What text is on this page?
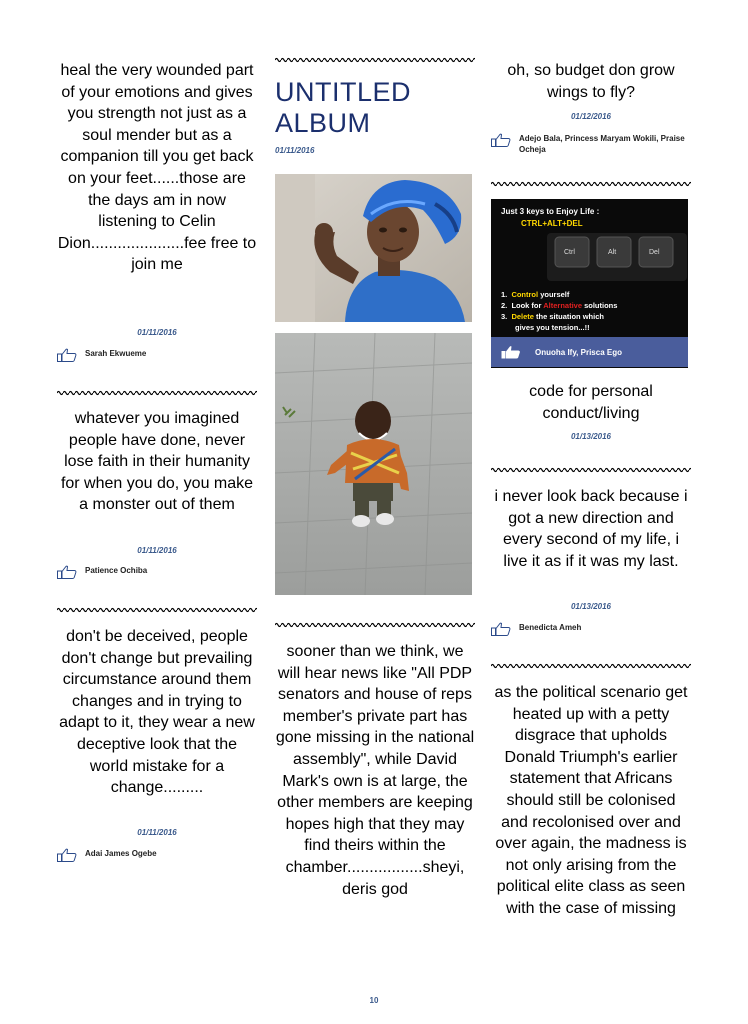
heal the very wounded part of your emotions and gives you strength not just as a soul mender but as a companion till you get back on your feet......those are the days am in now listening to Celin Dion.....................fee free to join me

01/11/2016

Sarah Ekwueme

whatever you imagined people have done, never lose faith in their humanity for when you do, you make a monster out of them

01/11/2016

Patience Ochiba

don't be deceived, people don't change but prevailing circumstance around them changes and in trying to adapt to it, they wear a new deceptive look that the world mistake for a change.........

01/11/2016

Adai James Ogebe
UNTITLED ALBUM

01/11/2016

sooner than we think, we will hear news like "All PDP senators and house of reps member's private part has gone missing in the national assembly", while David Mark's own is at large, the other members are keeping hopes high that they may find theirs within the chamber.................sheyi, deris god

oh, so budget don grow wings to fly?

01/12/2016

Adejo Bala, Princess Maryam Wokili, Praise Ocheja
Just 3 keys to Enjoy Life :
CTRL+ALT+DEL
Ctrl	Alt	Del
1. Control yourself
2. Look for Alternative solutions
3. Delete the situation which
gives you tension...!!
Onuoha Ify, Prisca Ego

code for personal conduct/living

01/13/2016

i never look back because i got a new direction and every second of my life, i live it as if it was my last.

01/13/2016

Benedicta Ameh

as the political scenario get heated up with a petty disgrace that upholds Donald Triumph's earlier statement that Africans should still be colonised and recolonised over and over again, the madness is not only arising from the political elite class as seen with the case of missing

10
